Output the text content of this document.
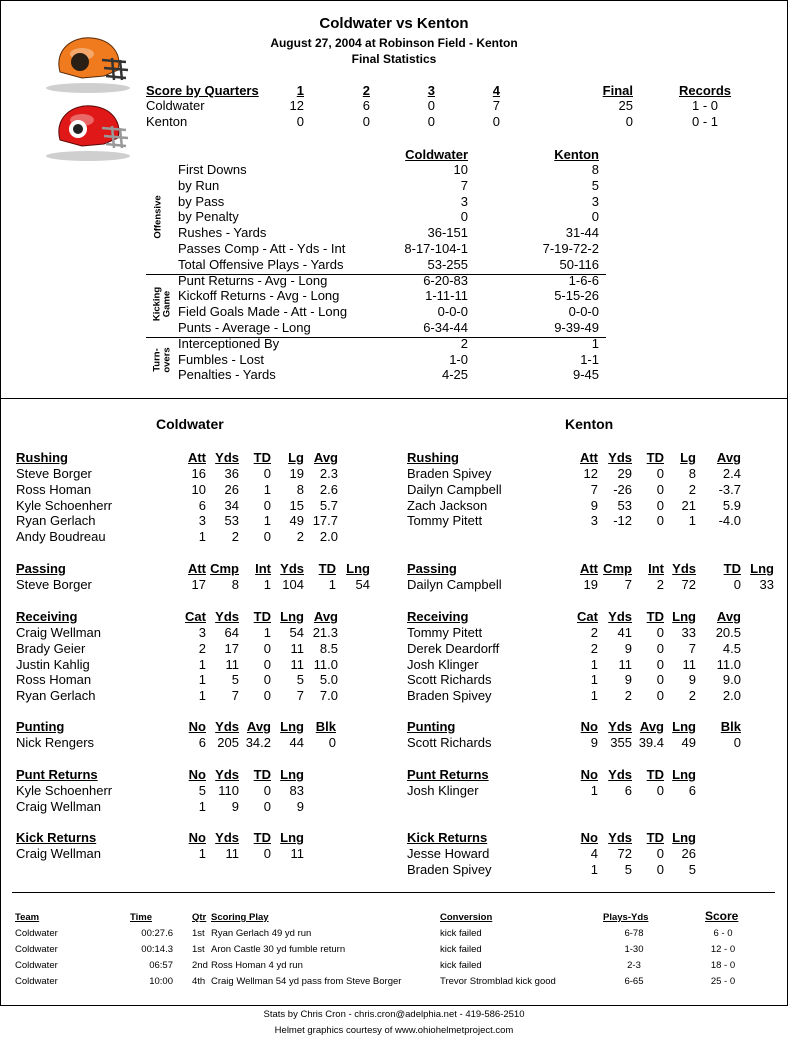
Coldwater vs Kenton
August 27, 2004 at Robinson Field - Kenton
Final Statistics
Score by Quarters	1	2	3	4	Final	Records
Coldwater	12	6	0	7	25	1 - 0
Kenton	0	0	0	0	0	0 - 1
Coldwater	Kenton
Offensive
First Downs	10	8
by Run	7	5
by Pass	3	3
by Penalty	0	0
Rushes - Yards	36-151	31-44
Passes Comp - Att - Yds - Int	8-17-104-1	7-19-72-2
Total Offensive Plays - Yards	53-255	50-116
Kicking
Game
Punt Returns - Avg - Long	6-20-83	1-6-6
Kickoff Returns - Avg - Long	1-11-11	5-15-26
Field Goals Made - Att - Long	0-0-0	0-0-0
Punts - Average - Long	6-34-44	9-39-49
Turn-
overs
Interceptioned By	2	1
Fumbles - Lost	1-0	1-1
Penalties - Yards	4-25	9-45
Coldwater	Kenton
Rushing	Att Yds	TD	Lg Avg
Steve Borger	16	36	0	19	2.3
Ross Homan	10	26	1	8	2.6
Kyle Schoenherr	6	34	0	15	5.7
Ryan Gerlach	3	53	1	49 17.7
Andy Boudreau	1	2	0	2	2.0
Passing	Att Cmp	Int Yds	TD Lng
Steve Borger	17	8	1 104	1	54
Receiving	Cat Yds	TD Lng Avg
Craig Wellman	3	64	1	54 21.3
Brady Geier	2	17	0	11	8.5
Justin Kahlig	1	11	0	11 11.0
Ross Homan	1	5	0	5	5.0
Ryan Gerlach	1	7	0	7	7.0
Punting	No Yds Avg Lng Blk
Nick Rengers	6 205 34.2	44	0
Punt Returns	No Yds	TD Lng
Kyle Schoenherr	5 110	0	83
Craig Wellman	1	9	0	9
Kick Returns	No Yds	TD Lng
Craig Wellman	1	11	0	11
Rushing	Att Yds	TD	Lg	Avg
Braden Spivey	12	29	0	8	2.4
Dailyn Campbell	7	-26	0	2	-3.7
Zach Jackson	9	53	0	21	5.9
Tommy Pitett	3	-12	0	1	-4.0
Passing	Att Cmp	Int Yds	TD Lng
Dailyn Campbell	19	7	2	72	0	33
Receiving	Cat Yds	TD Lng	Avg
Tommy Pitett	2	41	0	33	20.5
Derek Deardorff	2	9	0	7	4.5
Josh Klinger	1	11	0	11	11.0
Scott Richards	1	9	0	9	9.0
Braden Spivey	1	2	0	2	2.0
Punting	No Yds Avg Lng	Blk
Scott Richards	9 355 39.4	49	0
Punt Returns	No Yds	TD Lng
Josh Klinger	1	6	0	6
Kick Returns	No Yds	TD Lng
Jesse Howard	4	72	0	26
Braden Spivey	1	5	0	5
Team	Time	Qtr Scoring Play	Conversion	Plays-Yds	Score
Coldwater	00:27.6 1st Ryan Gerlach 49 yd run	kick failed	6-78	6 - 0
Coldwater	00:14.3 1st Aron Castle 30 yd fumble return	kick failed	1-30	12 - 0
Coldwater	06:57 2nd Ross Homan 4 yd run	kick failed	2-3	18 - 0
Coldwater	10:00 4th Craig Wellman 54 yd pass from Steve Borger	Trevor Stromblad kick good	6-65	25 - 0
Stats by Chris Cron - chris.cron@adelphia.net - 419-586-2510
Helmet graphics courtesy of www.ohiohelmetproject.com
